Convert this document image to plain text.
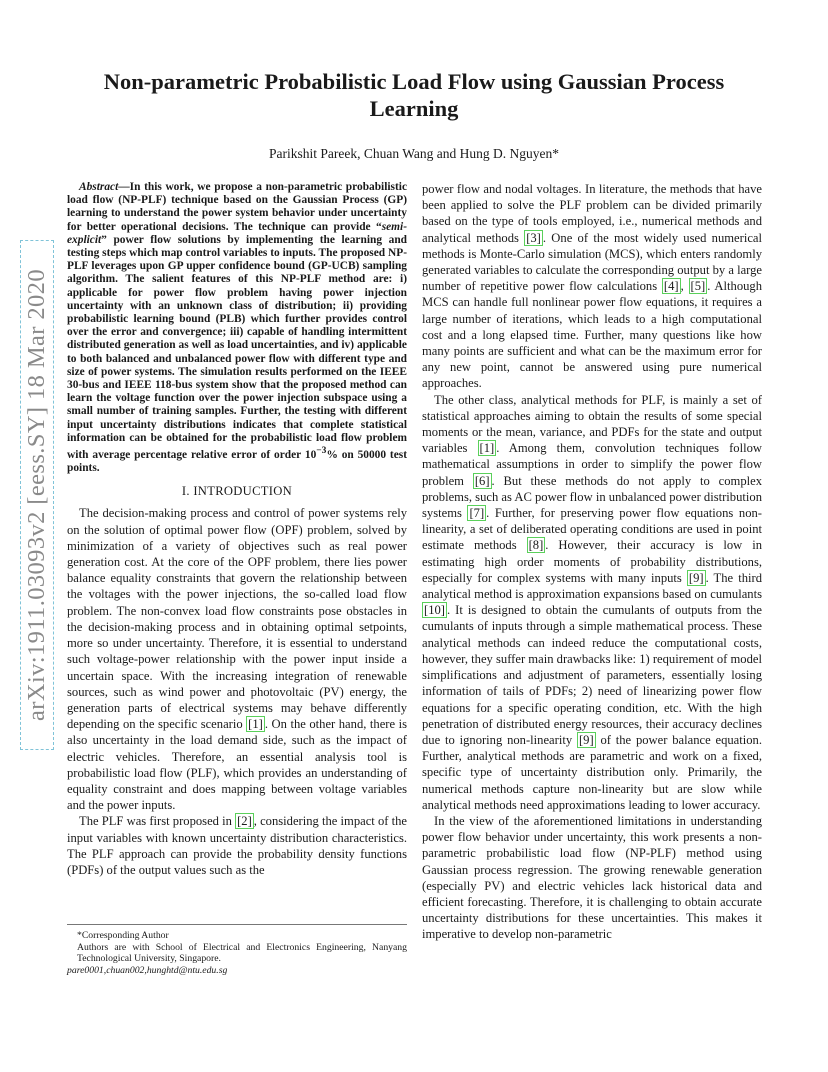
arXiv:1911.03093v2 [eess.SY] 18 Mar 2020
Non-parametric Probabilistic Load Flow using Gaussian Process Learning
Parikshit Pareek, Chuan Wang and Hung D. Nguyen*

Abstract—In this work, we propose a non-parametric probabilistic load flow (NP-PLF) technique based on the Gaussian Process (GP) learning to understand the power system behavior under uncertainty for better operational decisions. The technique can provide “semi-explicit” power flow solutions by implementing the learning and testing steps which map control variables to inputs. The proposed NP-PLF leverages upon GP upper confidence bound (GP-UCB) sampling algorithm. The salient features of this NP-PLF method are: i) applicable for power flow problem having power injection uncertainty with an unknown class of distribution; ii) providing probabilistic learning bound (PLB) which further provides control over the error and convergence; iii) capable of handling intermittent distributed generation as well as load uncertainties, and iv) applicable to both balanced and unbalanced power flow with different type and size of power systems. The simulation results performed on the IEEE 30-bus and IEEE 118-bus system show that the proposed method can learn the voltage function over the power injection subspace using a small number of training samples. Further, the testing with different input uncertainty distributions indicates that complete statistical information can be obtained for the probabilistic load flow problem with average percentage relative error of order $10^{-3}\%$ on 50000 test points.

I. INTRODUCTION

The decision-making process and control of power systems rely on the solution of optimal power flow (OPF) problem, solved by minimization of a variety of objectives such as real power generation cost. At the core of the OPF problem, there lies power balance equality constraints that govern the relationship between the voltages with the power injections, the so-called load flow problem. The non-convex load flow constraints pose obstacles in the decision-making process and in obtaining optimal setpoints, more so under uncertainty. Therefore, it is essential to understand such voltage-power relationship with the power input inside a uncertain space. With the increasing integration of renewable sources, such as wind power and photovoltaic (PV) energy, the generation parts of electrical systems may behave differently depending on the specific scenario [1] . On the other hand, there is also uncertainty in the load demand side, such as the impact of electric vehicles. Therefore, an essential analysis tool is probabilistic load flow (PLF), which provides an understanding of equality constraint and does mapping between voltage variables and the power inputs.

The PLF was first proposed in [2] , considering the impact of the input variables with known uncertainty distribution characteristics. The PLF approach can provide the probability density functions (PDFs) of the output values such as the

*Corresponding Author
Authors are with School of Electrical and Electronics Engineering, Nanyang Technological University, Singapore.
pare0001,chuan002,hunghtd@ntu.edu.sg

power flow and nodal voltages. In literature, the methods that have been applied to solve the PLF problem can be divided primarily based on the type of tools employed, i.e., numerical methods and analytical methods [3] . One of the most widely used numerical methods is Monte-Carlo simulation (MCS), which enters randomly generated variables to calculate the corresponding output by a large number of repetitive power flow calculations [4] , [5] . Although MCS can handle full nonlinear power flow equations, it requires a large number of iterations, which leads to a high computational cost and a long elapsed time. Further, many questions like how many points are sufficient and what can be the maximum error for any new point, cannot be answered using pure numerical approaches.

The other class, analytical methods for PLF, is mainly a set of statistical approaches aiming to obtain the results of some special moments or the mean, variance, and PDFs for the state and output variables [1] . Among them, convolution techniques follow mathematical assumptions in order to simplify the power flow problem [6] . But these methods do not apply to complex problems, such as AC power flow in unbalanced power distribution systems [7] . Further, for preserving power flow equations non-linearity, a set of deliberated operating conditions are used in point estimate methods [8] . However, their accuracy is low in estimating high order moments of probability distributions, especially for complex systems with many inputs [9] . The third analytical method is approximation expansions based on cumulants [10] . It is designed to obtain the cumulants of outputs from the cumulants of inputs through a simple mathematical process. These analytical methods can indeed reduce the computational costs, however, they suffer main drawbacks like: 1) requirement of model simplifications and adjustment of parameters, essentially losing information of tails of PDFs; 2) need of linearizing power flow equations for a specific operating condition, etc. With the high penetration of distributed energy resources, their accuracy declines due to ignoring non-linearity [9] of the power balance equation. Further, analytical methods are parametric and work on a fixed, specific type of uncertainty distribution only. Primarily, the numerical methods capture non-linearity but are slow while analytical methods need approximations leading to lower accuracy.

In the view of the aforementioned limitations in understanding power flow behavior under uncertainty, this work presents a non-parametric probabilistic load flow (NP-PLF) method using Gaussian process regression. The growing renewable generation (especially PV) and electric vehicles lack historical data and efficient forecasting. Therefore, it is challenging to obtain accurate uncertainty distributions for these uncertainties. This makes it imperative to develop non-parametric
